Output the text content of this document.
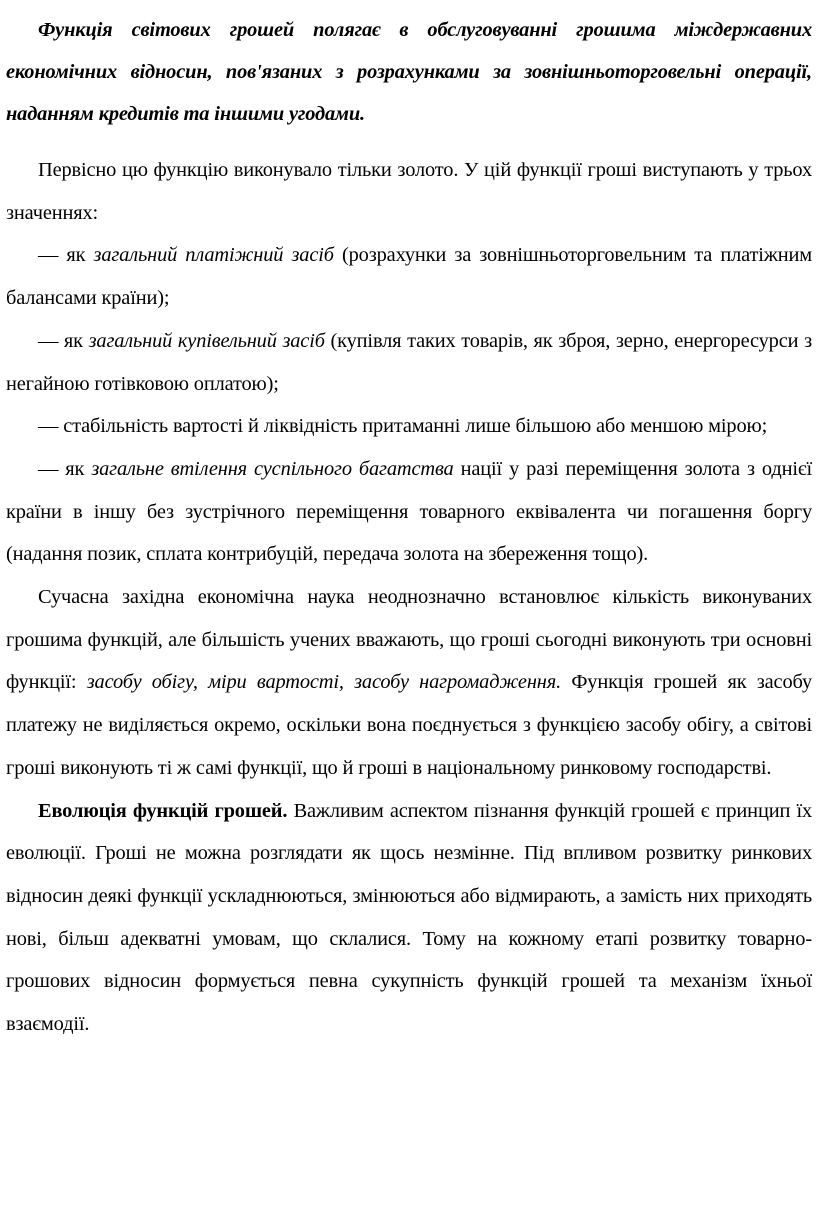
Функція світових грошей полягає в обслуговуванні грошима міждержавних економічних відносин, пов'язаних з розрахунками за зовнішньоторговельні операції, наданням кредитів та іншими угодами.

Первісно цю функцію виконувало тільки золото. У цій функції гроші виступають у трьох значеннях:

— як загальний платіжний засіб (розрахунки за зовнішньоторговельним та платіжним балансами країни);

— як загальний купівельний засіб (купівля таких товарів, як зброя, зерно, енергоресурси з негайною готівковою оплатою);

— стабільність вартості й ліквідність притаманні лише більшою або меншою мірою;

— як загальне втілення суспільного багатства нації у разі переміщення золота з однієї країни в іншу без зустрічного переміщення товарного еквівалента чи погашення боргу (надання позик, сплата контрибуцій, передача золота на збереження тощо).

Сучасна західна економічна наука неоднозначно встановлює кількість виконуваних грошима функцій, але більшість учених вважають, що гроші сьогодні виконують три основні функції: засобу обігу, міри вартості, засобу нагромадження. Функція грошей як засобу платежу не виділяється окремо, оскільки вона поєднується з функцією засобу обігу, а світові гроші виконують ті ж самі функції, що й гроші в національному ринковому господарстві.

Еволюція функцій грошей. Важливим аспектом пізнання функцій грошей є принцип їх еволюції. Гроші не можна розглядати як щось незмінне. Під впливом розвитку ринкових відносин деякі функції ускладнюються, змінюються або відмирають, а замість них приходять нові, більш адекватні умовам, що склалися. Тому на кожному етапі розвитку товарно-грошових відносин формується певна сукупність функцій грошей та механізм їхньої взаємодії.
